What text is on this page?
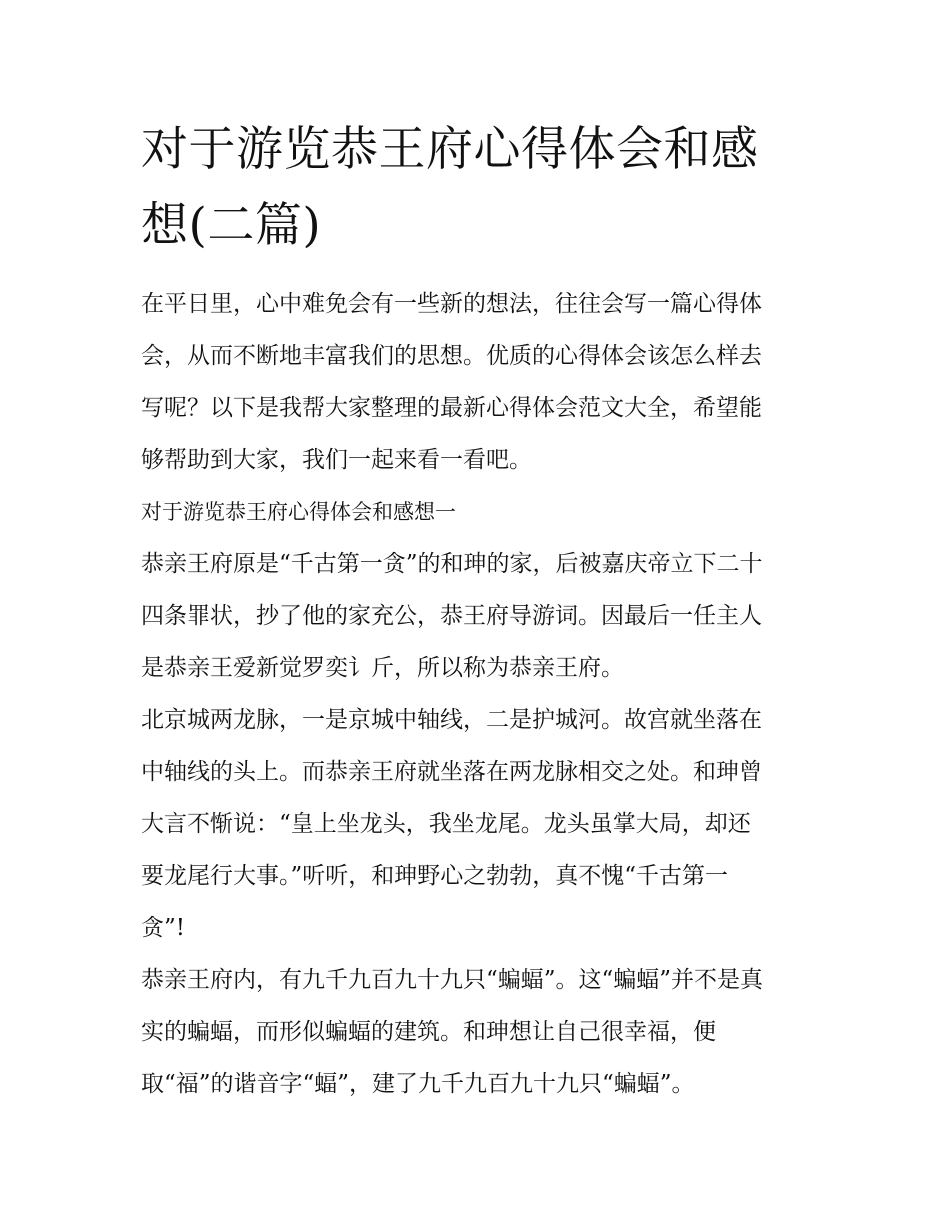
对于游览恭王府心得体会和感
想(二篇)

在平日里，心中难免会有一些新的想法，往往会写一篇心得体
会，从而不断地丰富我们的思想。优质的心得体会该怎么样去
写呢？以下是我帮大家整理的最新心得体会范文大全，希望能
够帮助到大家，我们一起来看一看吧。

对于游览恭王府心得体会和感想一

恭亲王府原是“千古第一贪”的和珅的家，后被嘉庆帝立下二十
四条罪状，抄了他的家充公，恭王府导游词。因最后一任主人
是恭亲王爱新觉罗奕讠斤，所以称为恭亲王府。

北京城两龙脉，一是京城中轴线，二是护城河。故宫就坐落在
中轴线的头上。而恭亲王府就坐落在两龙脉相交之处。和珅曾
大言不惭说：“皇上坐龙头，我坐龙尾。龙头虽掌大局，却还
要龙尾行大事。”听听，和珅野心之勃勃，真不愧“千古第一
贪”!

恭亲王府内，有九千九百九十九只“蝙蝠”。这“蝙蝠”并不是真
实的蝙蝠，而形似蝙蝠的建筑。和珅想让自己很幸福，便
取“福”的谐音字“蝠”，建了九千九百九十九只“蝙蝠”。
